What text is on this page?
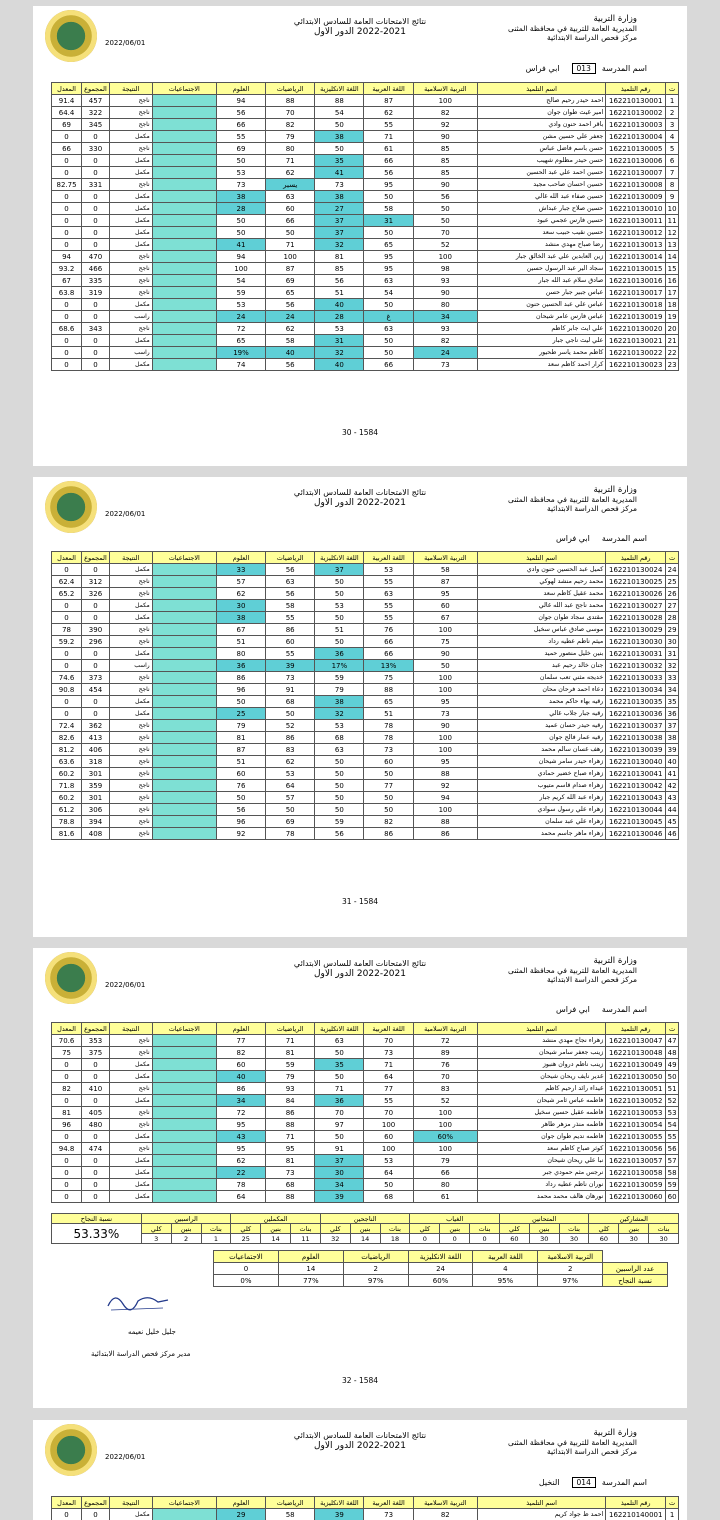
2022/06/01
نتائج الامتحانات العامة للسادس الابتدائي
2022-2021 الدور الاول
وزارة التربية
المديرية العامة للتربية في محافظة المثنى
مركز فحص الدراسة الابتدائية
اسم المدرسة
013
ابي فراس
ت	رقم التلميذ	اسم التلميذ	التربية الاسلامية	اللغة العربية	اللغة الانكليزية	الرياضيات	العلوم	الاجتماعيات	النتيجة	المجموع	المعدل
1	162210130001	احمد حيدر رحيم صالح	100	87	88	88	94		ناجح	457	91.4
2	162210130002	امير غيث طوان جوان	82	62	54	70	56		ناجح	322	64.4
3	162210130003	باقر احمد حنون وادي	92	55	50	82	66		ناجح	345	69
4	162210130004	جعفر علي حسين مشن	90	71	38	79	55		مكمل	0	0
5	162210130005	حسن باسم فاضل عباس	85	61	50	80	69		ناجح	330	66
6	162210130006	حسن حيدر مظلوم شهيب	85	66	35	71	50		مكمل	0	0
7	162210130007	حسين احمد علي عبد الحسين	85	56	41	62	53		مكمل	0	0
8	162210130008	حسين احسان صاحب مجيد	90	95	73	يسير	73		ناجح	331	82.75
9	162210130009	حسين صفاء عبد الله غالي	56	50	38	63	38		مكمل	0	0
10	162210130010	حسين صلاح جبار عبداش	50	58	27	60	28		مكمل	0	0
11	162210130011	حسين فارس عجمي عبود	50	31	37	66	50		مكمل	0	0
12	162210130012	حسين نقيب حبيب سعد	70	50	37	50	50		مكمل	0	0
13	162210130013	رضا صباح مهدي منشد	52	65	32	71	41		مكمل	0	0
14	162210130014	زين العابدين علي عبد الخالق جبار	100	95	81	100	94		ناجح	470	94
15	162210130015	سجاد الير عبد الرسول حسين	98	95	85	87	100		ناجح	466	93.2
16	162210130016	صادق سلام عبد الله جبار	93	63	56	69	54		ناجح	335	67
17	162210130017	عباس جبير جبار حسن	90	54	51	65	59		ناجح	319	63.8
18	162210130018	عباس علي عبد الحسين حنون	80	50	40	56	53		مكمل	0	0
19	162210130019	عباس فارس عامر شيحان	34	غ	28	24	24		راسب	0	0
20	162210130020	علي ايث جابر كاظم	93	63	53	62	72		ناجح	343	68.6
21	162210130021	علي ليث ناجي جبار	82	50	31	58	65		مكمل	0	0
22	162210130022	كاظم محمد ياسر طحيور	24	50	32	40	19%		راسب	0	0
23	162210130023	كرار احمد كاظم سعد	73	66	40	56	74		مكمل	0	0
30 - 1584
2022/06/01
نتائج الامتحانات العامة للسادس الابتدائي
2022-2021 الدور الاول
وزارة التربية
المديرية العامة للتربية في محافظة المثنى
مركز فحص الدراسة الابتدائية
اسم المدرسة
ابي فراس
ت	رقم التلميذ	اسم التلميذ	التربية الاسلامية	اللغة العربية	اللغة الانكليزية	الرياضيات	العلوم	الاجتماعيات	النتيجة	المجموع	المعدل
24	162210130024	كميل عبد الحسين حنون وادي	58	53	37	56	33		مكمل	0	0
25	162210130025	محمد رحيم منشد لهوكي	87	55	50	63	57		ناجح	312	62.4
26	162210130026	محمد عقيل كاظم سعد	95	63	50	56	62		ناجح	326	65.2
27	162210130027	محمد ناجح عبد الله غالي	60	55	53	58	30		مكمل	0	0
28	162210130028	مقتدى سجاد طوان جوان	67	55	50	55	38		مكمل	0	0
29	162210130029	موسى صادق عباس سخيل	100	76	51	86	67		ناجح	390	78
30	162210130030	ميثم ناظم عطيه رداد	75	66	50	60	51		ناجح	296	59.2
31	162210130031	بنين خليل منصور حميد	90	66	36	55	80		مكمل	0	0
32	162210130032	جنان خالد رحيم عبد	50	13%	17%	39	36		راسب	0	0
33	162210130033	خديجه مثني تعب سلمان	100	75	59	73	86		ناجح	373	74.6
34	162210130034	دعاء احمد فرحان محان	100	88	79	91	96		ناجح	454	90.8
35	162210130035	رقيه بهاء حاكم محمد	95	65	38	68	50		مكمل	0	0
36	162210130036	رقيه جبار جلاب غالي	73	51	32	50	25		مكمل	0	0
37	162210130037	رقيه حيدر حسان عميد	90	78	53	52	79		ناجح	362	72.4
38	162210130038	رقيه عمار فالح جوان	100	78	68	86	81		ناجح	413	82.6
39	162210130039	رهف غسان سالم محمد	100	73	63	83	87		ناجح	406	81.2
40	162210130040	زهراء حيدر سامر شيحان	95	60	50	62	51		ناجح	318	63.6
41	162210130041	زهراء صباح خضير حمادي	88	50	50	53	60		ناجح	301	60.2
42	162210130042	زهراء صدام قاسم متيوب	92	77	50	64	76		ناجح	359	71.8
43	162210130043	زهراء عبد الله كريم جبار	94	50	50	57	50		ناجح	301	60.2
44	162210130044	زهراء علي رسول سوادي	100	50	50	50	56		ناجح	306	61.2
45	162210130045	زهراء علي عبد سلمان	88	82	59	69	96		ناجح	394	78.8
46	162210130046	زهراء ماهر جاسم محمد	86	86	56	78	92		ناجح	408	81.6
31 - 1584
2022/06/01
نتائج الامتحانات العامة للسادس الابتدائي
2022-2021 الدور الاول
وزارة التربية
المديرية العامة للتربية في محافظة المثنى
مركز فحص الدراسة الابتدائية
اسم المدرسة
ابي فراس
ت	رقم التلميذ	اسم التلميذ	التربية الاسلامية	اللغة العربية	اللغة الانكليزية	الرياضيات	العلوم	الاجتماعيات	النتيجة	المجموع	المعدل
47	162210130047	زهراء نجاح مهدي منشد	72	70	63	71	77		ناجح	353	70.6
48	162210130048	زينب جعفر سامر شيحان	89	73	50	81	82		ناجح	375	75
49	162210130049	زينب ناظم دروان هنبوز	76	71	35	59	60		مكمل	0	0
50	162210130050	غدير نايف ريحان شيحان	70	64	50	79	40		مكمل	0	0
51	162210130051	غيداء رائد ارحيم كاظم	83	77	71	93	86		ناجح	410	82
52	162210130052	فاطمه عباس ثامر شيحان	52	55	36	84	34		مكمل	0	0
53	162210130053	فاطمه عقيل حسين سخيل	100	70	70	86	72		ناجح	405	81
54	162210130054	فاطمه منذر مزهر طاهر	100	100	97	88	95		ناجح	480	96
55	162210130055	فاطمه نديم طوان جوان	60%	60	50	71	43		مكمل	0	0
56	162210130056	كوثر صباح كاظم سعد	100	100	91	95	95		ناجح	474	94.8
57	162210130057	نبا علي ريحان شيحان	79	53	37	81	62		مكمل	0	0
58	162210130058	نرجس مثم حمودي جبر	66	64	30	73	22		مكمل	0	0
59	162210130059	نوران ناظم عطيه رداد	80	50	34	68	78		مكمل	0	0
60	162210130060	نورهان هالف محمد محمد	61	68	39	88	64		مكمل	0	0
المشاركين			المتحانين			الغياب			الناجحين			المكملين			الراسبين			نسبة النجاح
بنات	بنين	كلي	بنات	بنين	كلي	بنات	بنين	كلي	بنات	بنين	كلي	بنات	بنين	كلي	بنات	بنين	كلي	53.33%
30	30	60	30	30	60	0	0	0	18	14	32	11	14	25	1	2	3	
	التربية الاسلامية	اللغة العربية	اللغة الانكليزية	الرياضيات	العلوم	الاجتماعيات
عدد الراسبين	2	4	24	2	14	0
نسبة النجاح	97%	95%	60%	97%	77%	0%
جليل خليل نعيمه
مدير مركز فحص الدراسة الابتدائية
32 - 1584
2022/06/01
نتائج الامتحانات العامة للسادس الابتدائي
2022-2021 الدور الاول
وزارة التربية
المديرية العامة للتربية في محافظة المثنى
مركز فحص الدراسة الابتدائية
اسم المدرسة
014
النخيل
ت	رقم التلميذ	اسم التلميذ	التربية الاسلامية	اللغة العربية	اللغة الانكليزية	الرياضيات	العلوم	الاجتماعيات	النتيجة	المجموع	المعدل
1	162210140001	احمد ظ جواد كريم	82	73	39	58	29		مكمل	0	0
